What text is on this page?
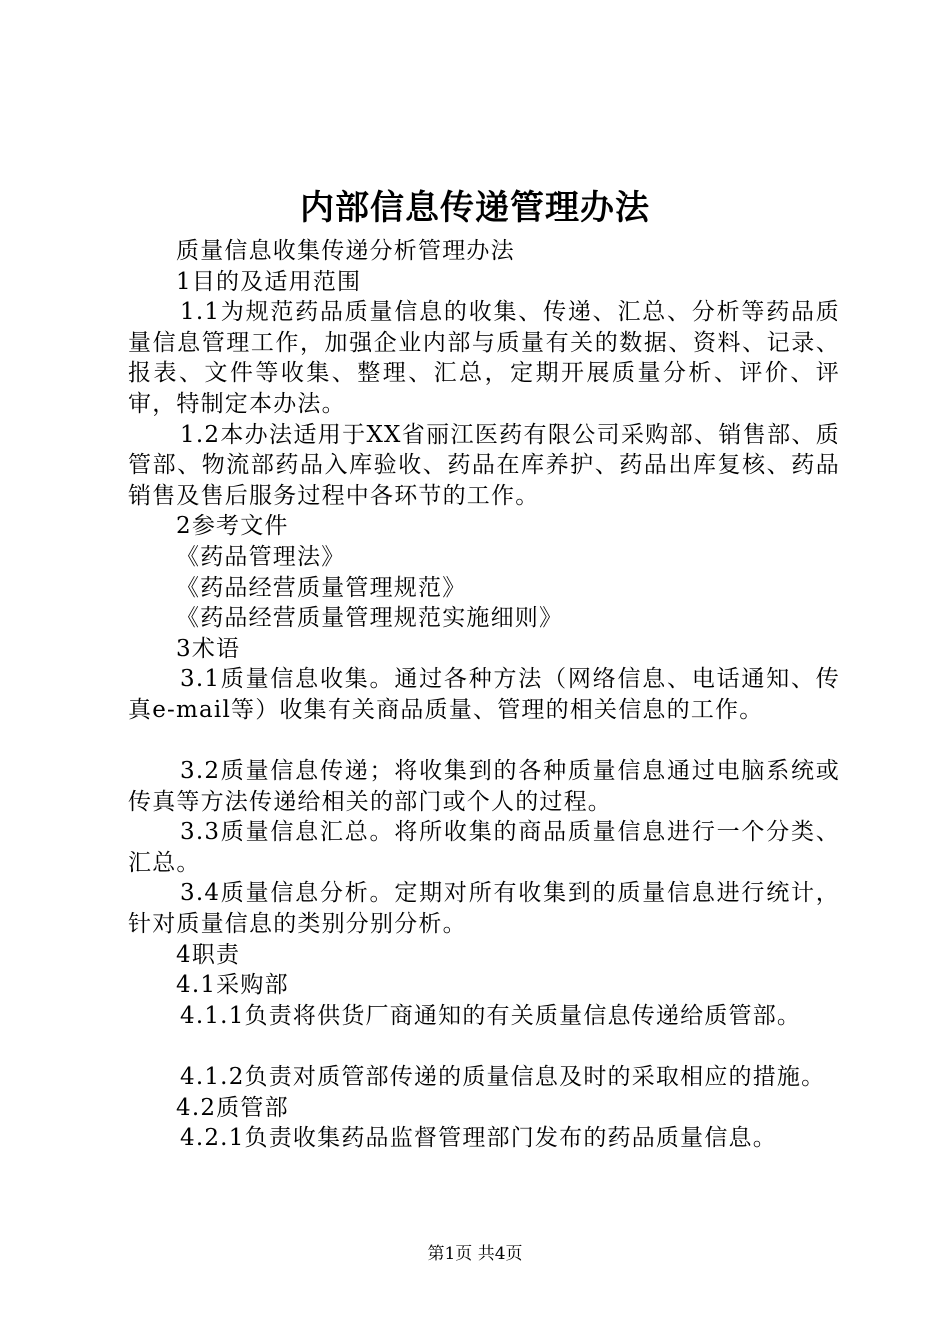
内部信息传递管理办法

质量信息收集传递分析管理办法

1目的及适用范围

1.1为规范药品质量信息的收集、传递、汇总、分析等药品质量信息管理工作，加强企业内部与质量有关的数据、资料、记录、报表、文件等收集、整理、汇总，定期开展质量分析、评价、评审，特制定本办法。

1.2本办法适用于XX省丽江医药有限公司采购部、销售部、质管部、物流部药品入库验收、药品在库养护、药品出库复核、药品销售及售后服务过程中各环节的工作。

2参考文件

《药品管理法》

《药品经营质量管理规范》

《药品经营质量管理规范实施细则》

3术语

3.1质量信息收集。通过各种方法（网络信息、电话通知、传真e-mail等）收集有关商品质量、管理的相关信息的工作。

3.2质量信息传递；将收集到的各种质量信息通过电脑系统或传真等方法传递给相关的部门或个人的过程。

3.3质量信息汇总。将所收集的商品质量信息进行一个分类、汇总。

3.4质量信息分析。定期对所有收集到的质量信息进行统计，针对质量信息的类别分别分析。

4职责

4.1采购部

4.1.1负责将供货厂商通知的有关质量信息传递给质管部。

4.1.2负责对质管部传递的质量信息及时的采取相应的措施。

4.2质管部

4.2.1负责收集药品监督管理部门发布的药品质量信息。

第1页 共4页
